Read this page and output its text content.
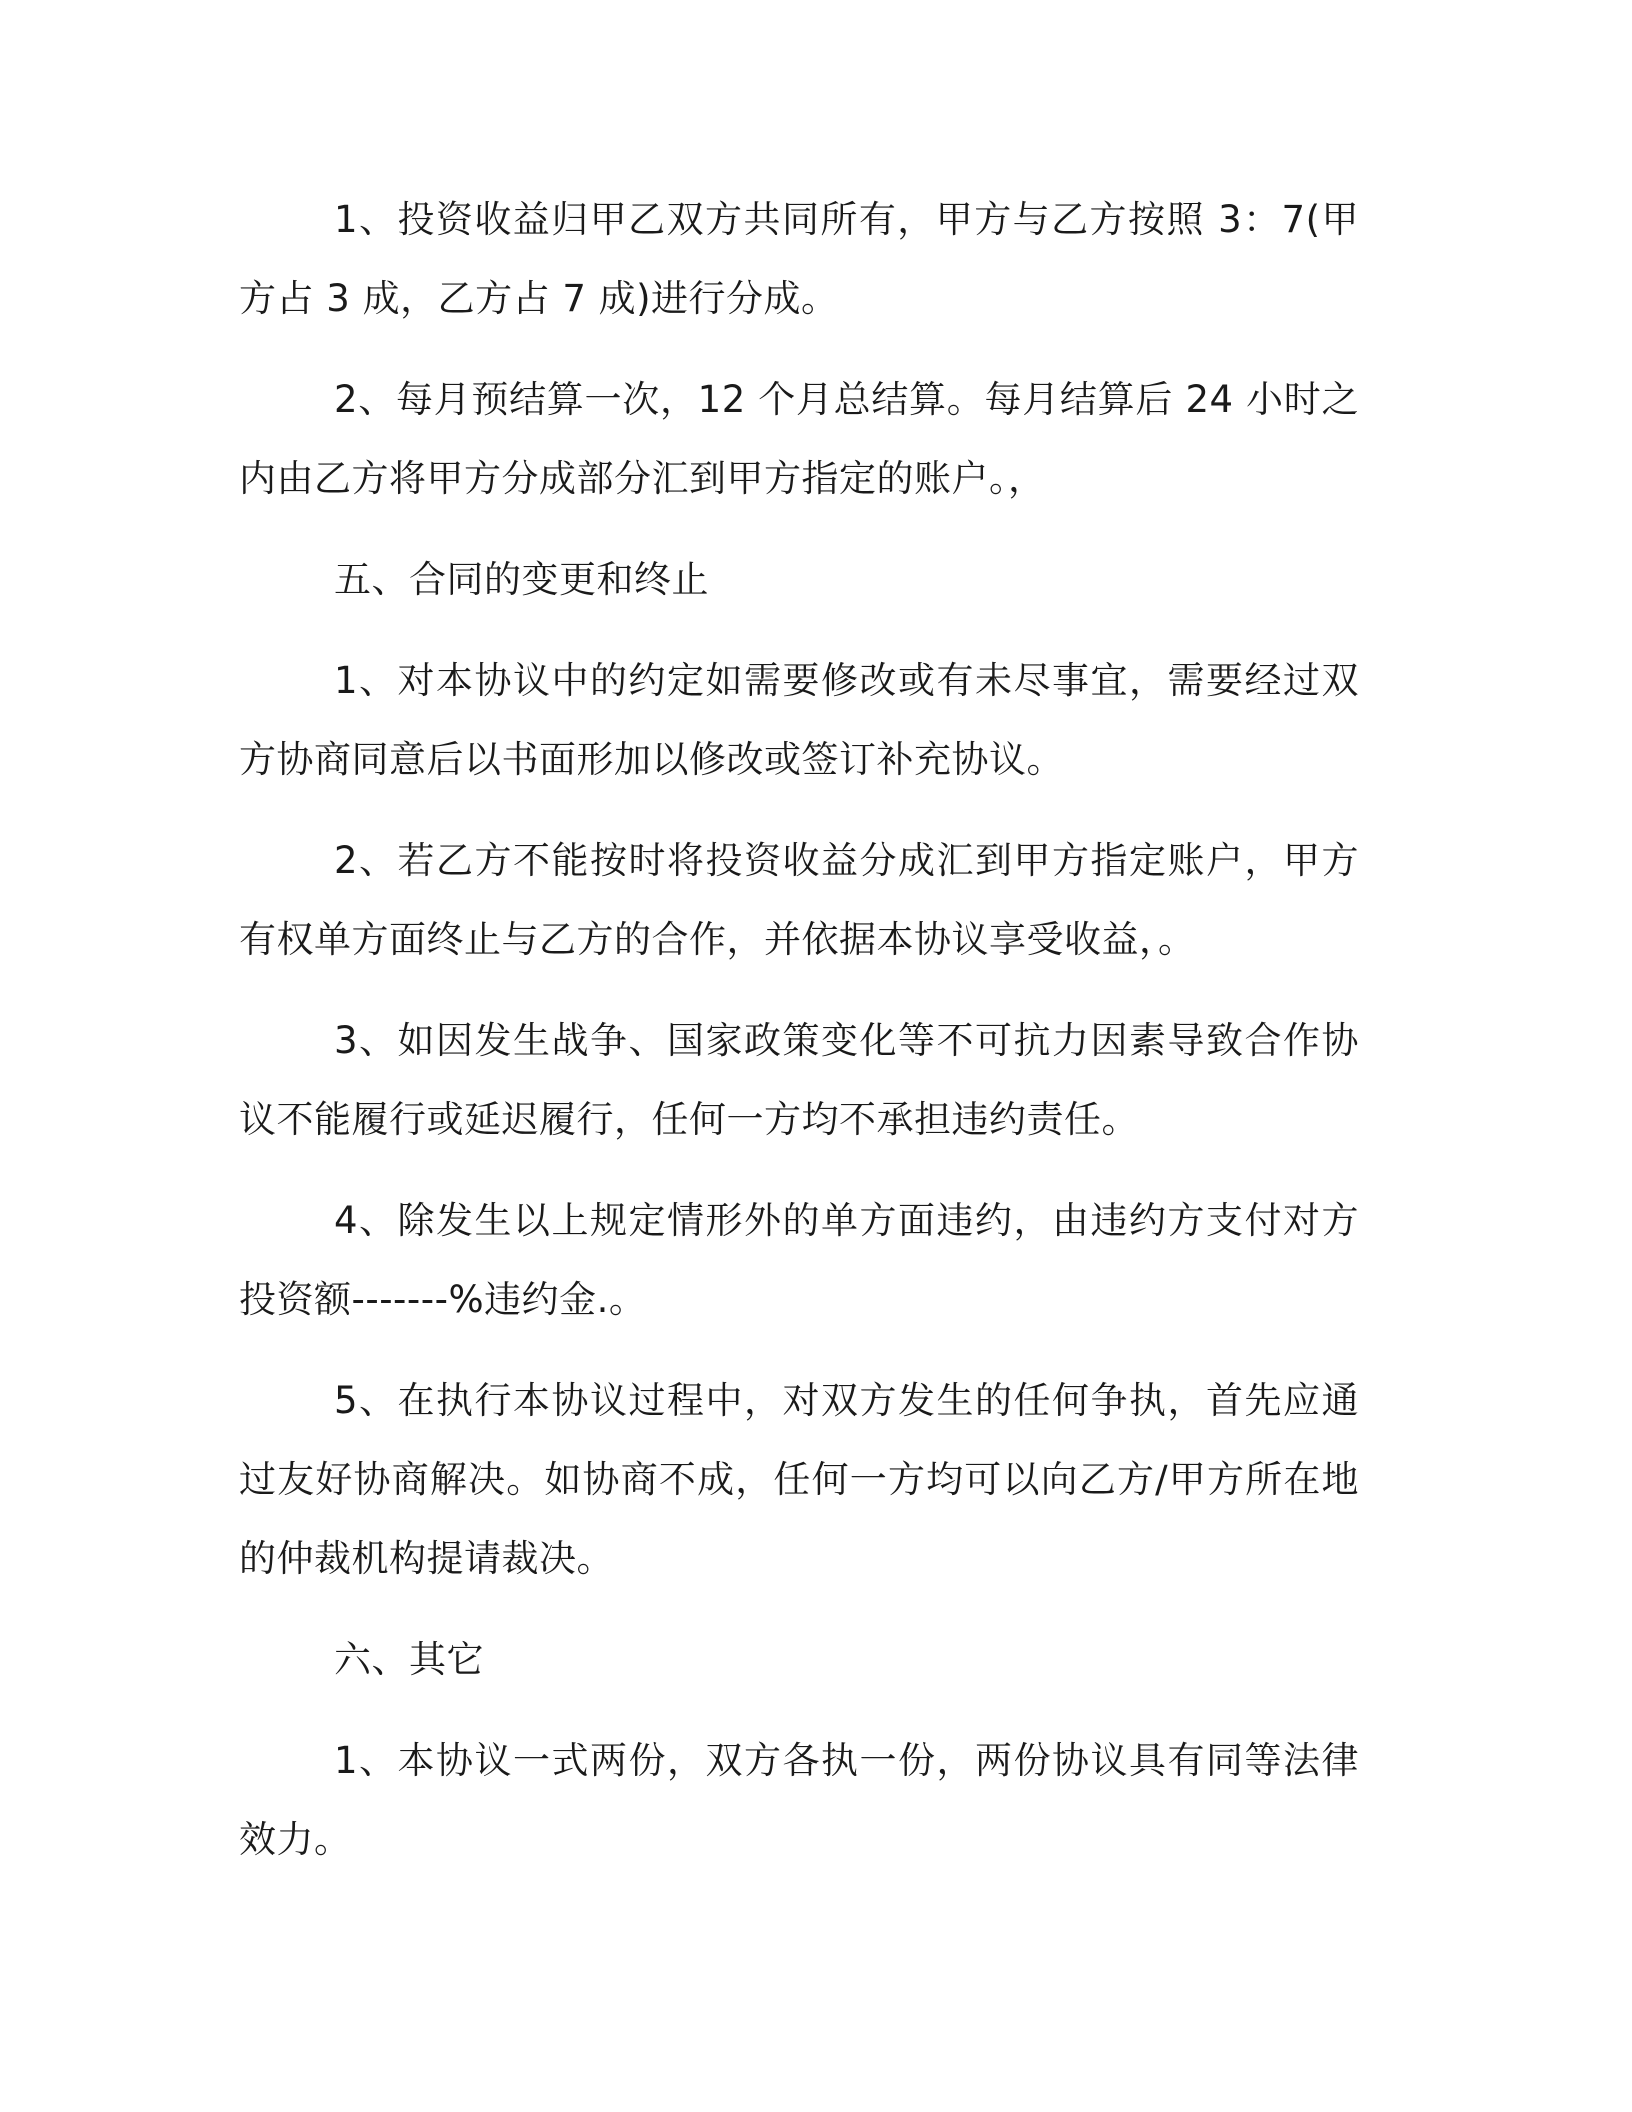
1、投资收益归甲乙双方共同所有，甲方与乙方按照 3：7(甲方占 3 成，乙方占 7 成)进行分成。

2、每月预结算一次，12 个月总结算。每月结算后 24 小时之内由乙方将甲方分成部分汇到甲方指定的账户。，

五、合同的变更和终止

1、对本协议中的约定如需要修改或有未尽事宜，需要经过双方协商同意后以书面形加以修改或签订补充协议。

2、若乙方不能按时将投资收益分成汇到甲方指定账户，甲方有权单方面终止与乙方的合作，并依据本协议享受收益，。

3、如因发生战争、国家政策变化等不可抗力因素导致合作协议不能履行或延迟履行，任何一方均不承担违约责任。

4、除发生以上规定情形外的单方面违约，由违约方支付对方投资额-------%违约金.。

5、在执行本协议过程中，对双方发生的任何争执，首先应通过友好协商解决。如协商不成，任何一方均可以向乙方/甲方所在地的仲裁机构提请裁决。

六、其它

1、本协议一式两份，双方各执一份，两份协议具有同等法律效力。
